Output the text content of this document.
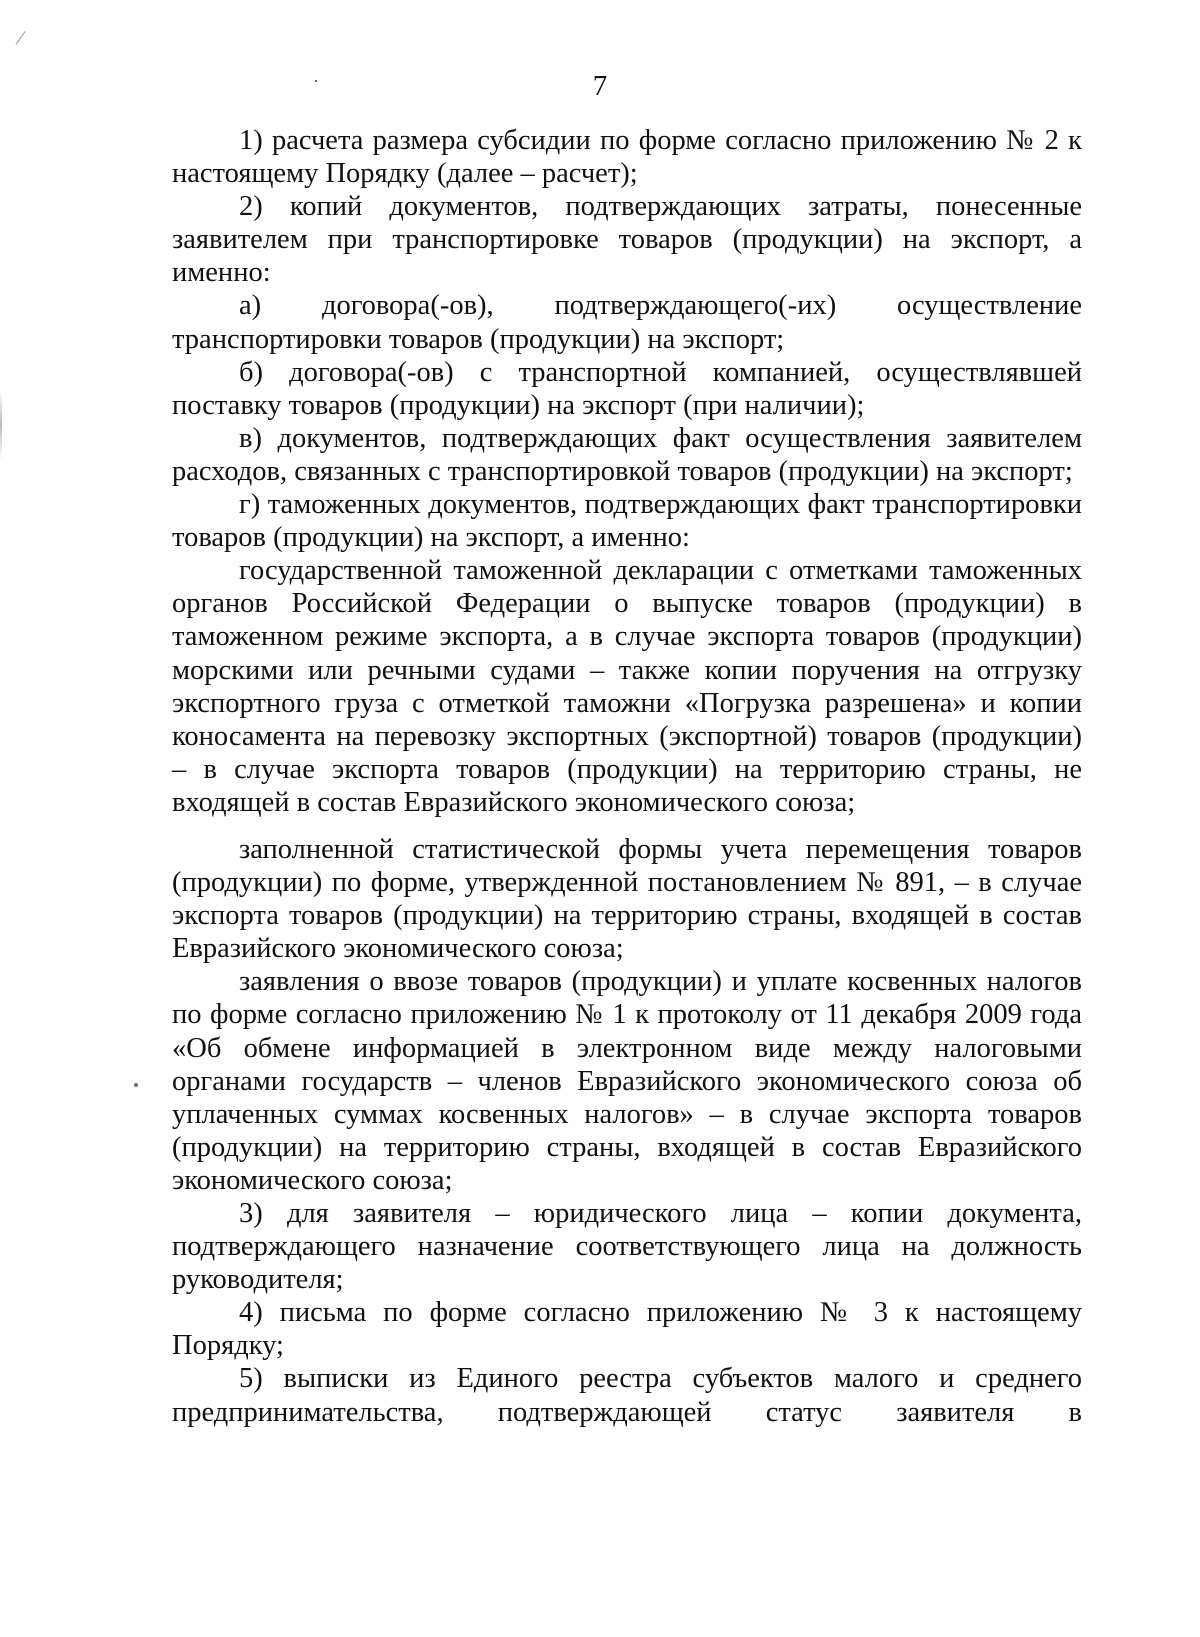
7

1) расчета размера субсидии по форме согласно приложению № 2 к настоящему Порядку (далее – расчет);

2) копий документов, подтверждающих затраты, понесенные заявителем при транспортировке товаров (продукции) на экспорт, а именно:

а) договора(-ов), подтверждающего(-их) осуществление транспортировки товаров (продукции) на экспорт;

б) договора(-ов) с транспортной компанией, осуществлявшей поставку товаров (продукции) на экспорт (при наличии);

в) документов, подтверждающих факт осуществления заявителем расходов, связанных с транспортировкой товаров (продукции) на экспорт;

г) таможенных документов, подтверждающих факт транспортировки товаров (продукции) на экспорт, а именно:

государственной таможенной декларации с отметками таможенных органов Российской Федерации о выпуске товаров (продукции) в таможенном режиме экспорта, а в случае экспорта товаров (продукции) морскими или речными судами – также копии поручения на отгрузку экспортного груза с отметкой таможни «Погрузка разрешена» и копии коносамента на перевозку экспортных (экспортной) товаров (продукции) – в случае экспорта товаров (продукции) на территорию страны, не входящей в состав Евразийского экономического союза;

заполненной статистической формы учета перемещения товаров (продукции) по форме, утвержденной постановлением № 891, – в случае экспорта товаров (продукции) на территорию страны, входящей в состав Евразийского экономического союза;

заявления о ввозе товаров (продукции) и уплате косвенных налогов по форме согласно приложению № 1 к протоколу от 11 декабря 2009 года «Об обмене информацией в электронном виде между налоговыми органами государств – членов Евразийского экономического союза об уплаченных суммах косвенных налогов» – в случае экспорта товаров (продукции) на территорию страны, входящей в состав Евразийского экономического союза;

3) для заявителя – юридического лица – копии документа, подтверждающего назначение соответствующего лица на должность руководителя;

4) письма по форме согласно приложению № 3 к настоящему Порядку;

5) выписки из Единого реестра субъектов малого и среднего предпринимательства, подтверждающей статус заявителя в
